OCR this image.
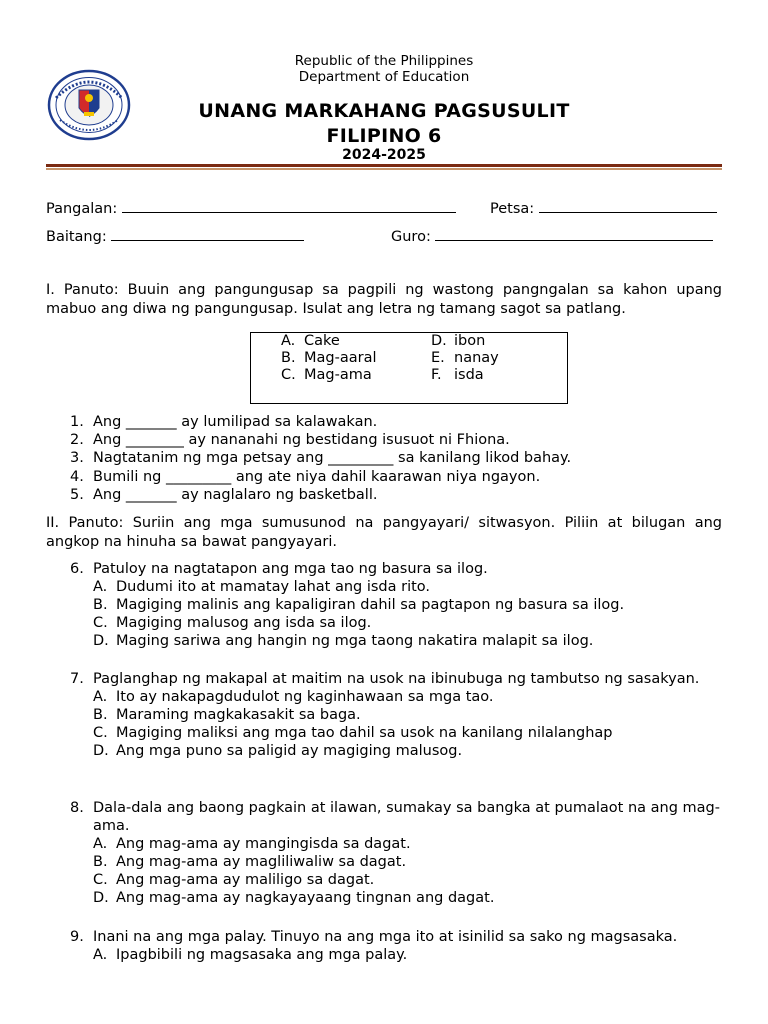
Republic of the Philippines
Department of Education
UNANG MARKAHANG PAGSUSULIT
FILIPINO 6
2024-2025
Pangalan:	Petsa:
Baitang:	Guro:
I. Panuto: Buuin ang pangungusap sa pagpili ng wastong pangngalan sa kahon upang mabuo ang diwa ng pangungusap. Isulat ang letra ng tamang sagot sa patlang.
A. Cake
B. Mag-aaral
C. Mag-ama
D. ibon
E. nanay
F. isda
1. Ang _______ ay lumilipad sa kalawakan.
2. Ang ________ ay nananahi ng bestidang isusuot ni Fhiona.
3. Nagtatanim ng mga petsay ang _________ sa kanilang likod bahay.
4. Bumili ng _________ ang ate niya dahil kaarawan niya ngayon.
5. Ang _______ ay naglalaro ng basketball.
II. Panuto: Suriin ang mga sumusunod na pangyayari/ sitwasyon. Piliin at bilugan ang angkop na hinuha sa bawat pangyayari.
6. Patuloy na nagtatapon ang mga tao ng basura sa ilog.
A. Dudumi ito at mamatay lahat ang isda rito.
B. Magiging malinis ang kapaligiran dahil sa pagtapon ng basura sa ilog.
C. Magiging malusog ang isda sa ilog.
D. Maging sariwa ang hangin ng mga taong nakatira malapit sa ilog.
7. Paglanghap ng makapal at maitim na usok na ibinubuga ng tambutso ng sasakyan.
A. Ito ay nakapagdudulot ng kaginhawaan sa mga tao.
B. Maraming magkakasakit sa baga.
C. Magiging maliksi ang mga tao dahil sa usok na kanilang nilalanghap
D. Ang mga puno sa paligid ay magiging malusog.
8. Dala-dala ang baong pagkain at ilawan, sumakay sa bangka at pumalaot na ang mag-ama.
A. Ang mag-ama ay mangingisda sa dagat.
B. Ang mag-ama ay magliliwaliw sa dagat.
C. Ang mag-ama ay maliligo sa dagat.
D. Ang mag-ama ay nagkayayaang tingnan ang dagat.
9. Inani na ang mga palay. Tinuyo na ang mga ito at isinilid sa sako ng magsasaka.
A. Ipagbibili ng magsasaka ang mga palay.
